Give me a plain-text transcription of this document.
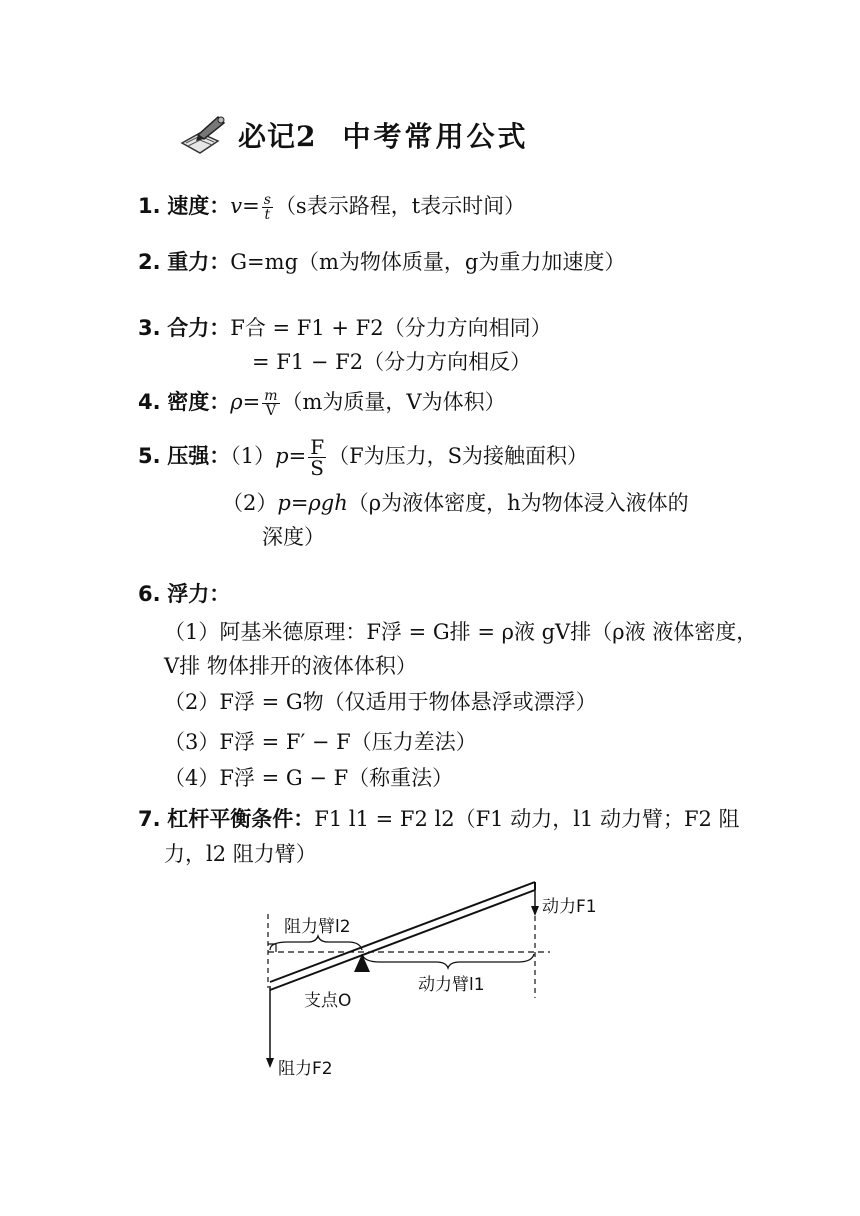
必记2 中考常用公式
1. 速度：$v= \frac{s}{t} (s$表示路程，t表示时间）
2. 重力：G=mg（m为物体质量，g为重力加速度）
3. 合力：F合 = F1 + F2（分力方向相同）
= F1 − F2（分力方向相反）
4. 密度：$\rho= \frac{m}{V} (m$为质量，V为体积）
5. 压强：$(1)p= \frac{F}{S} (F$为压力，S为接触面积）
（2）p=ρgh（ρ为液体密度，h为物体浸入液体的
深度）
6. 浮力：
（1）阿基米德原理：F浮 = G排 = ρ液 gV排（ρ液 液体密度，
V排 物体排开的液体体积）
（2）F浮 = G物（仅适用于物体悬浮或漂浮）
（3）F浮 = F′ − F（压力差法）
（4）F浮 = G − F（称重法）
7. 杠杆平衡条件：F1 l1 = F2 l2（F1 动力，l1 动力臂；F2 阻
力，l2 阻力臂）
动力F1
阻力臂l2
动力臂l1
支点O
阻力F2
